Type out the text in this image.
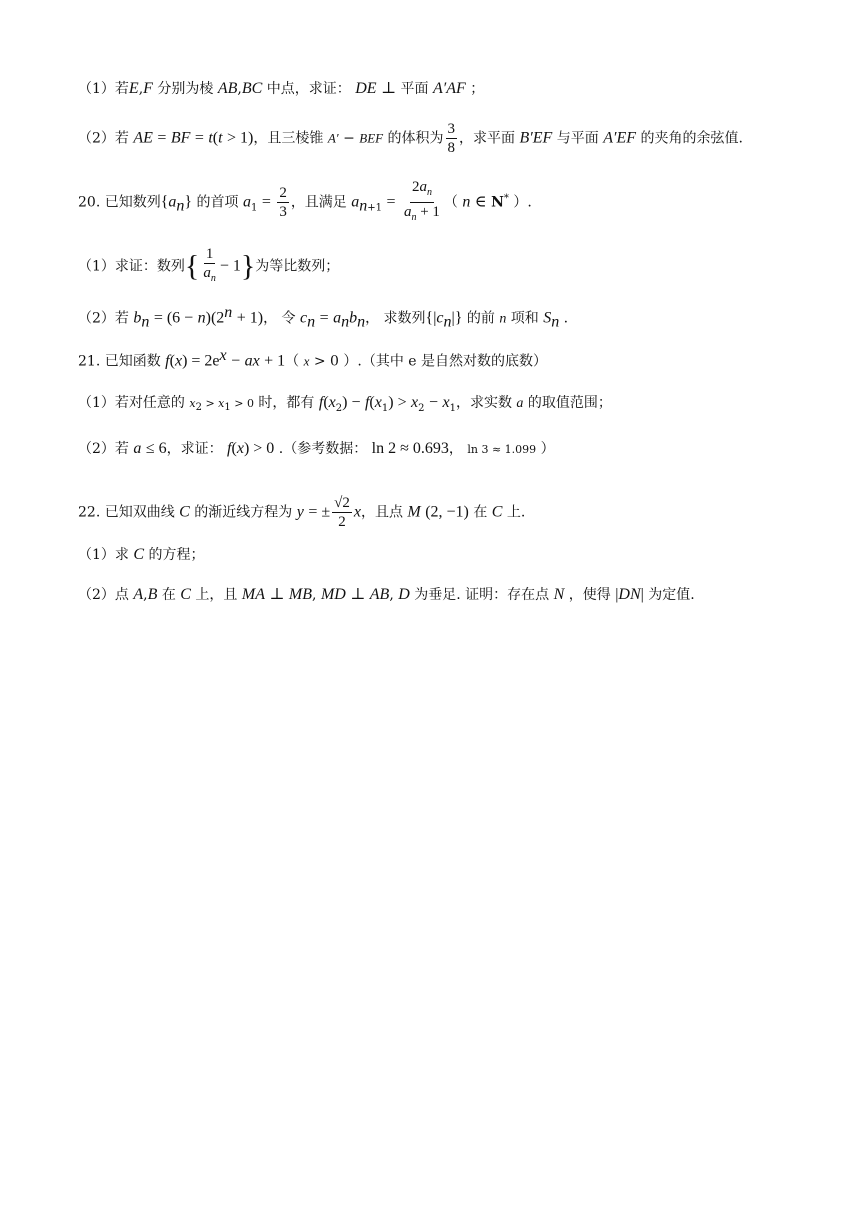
（1）若E,F 分别为棱 AB,BC 中点，求证： DE ⊥ 平面 A′AF ；
（2）若 AE = BF = t(t > 1)，且三棱锥 A′ − BEF 的体积为 $\frac{3}{8}$ ，求平面 B′EF 与平面 A′EF 的夹角的余弦值.
20. 已知数列$\{a_n\}$ 的首项 $a_1 = \frac{2}{3}$ ，且满足 $a_{n+1} = \frac{2a_n}{a_n + 1}$ （ n ∈ N* ）.
（1）求证：数列{ $\frac{1}{a_n} - 1$}为等比数列；
（2）若 $b_n = (6 - n)(2^n + 1)$， 令 $c_n = a_nb_n$， 求数列$\{|c_n|\}$ 的前 n 项和 $S_n$ .
21. 已知函数 $f(x) = 2e^x$ − ax + 1（ x > 0 ）.（其中 e 是自然对数的底数）
（1）若对任意的 $x_2 > x_1 > 0$ 时，都有 $f(x_2) - f(x_1) > x_2 - x_1$，求实数 a 的取值范围；
（2）若 a ≤ 6，求证： f(x) > 0 .（参考数据： ln 2 ≈ 0.693， ln 3 ≈ 1.099 ）
22. 已知双曲线 C 的渐近线方程为 y = ± $\frac{√2}{2}$ x，且点 M (2, −1) 在 C 上.
（1）求 C 的方程；
（2）点 A,B 在 C 上，且 MA ⊥ MB, MD ⊥ AB, D 为垂足. 证明：存在点 N ，使得 |DN| 为定值.
